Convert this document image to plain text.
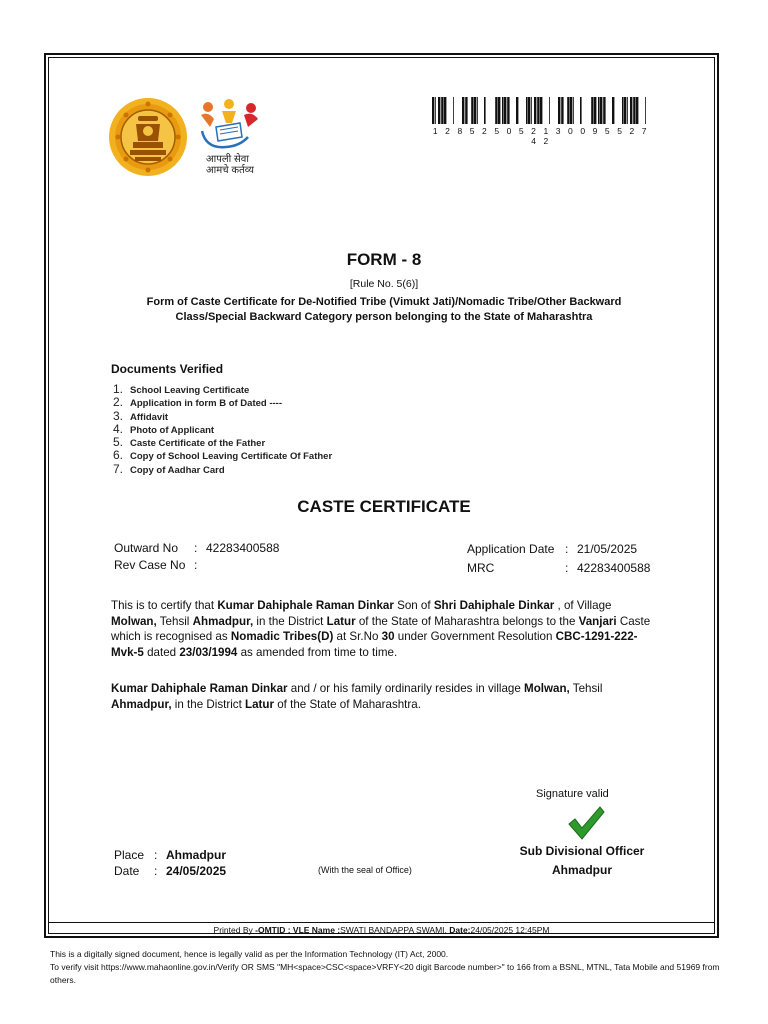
आपली सेवा
आमचे कर्तव्य
1 2 8 5 2 5 0 5 2 1 3 0 0 9 5 5 2 7 4 2
FORM - 8
[Rule No. 5(6)]
Form of Caste Certificate for De-Notified Tribe (Vimukt Jati)/Nomadic Tribe/Other Backward Class/Special Backward Category person belonging to the State of Maharashtra
Documents Verified
1. School Leaving Certificate
2. Application in form B of Dated ----
3. Affidavit
4. Photo of Applicant
5. Caste Certificate of the Father
6. Copy of School Leaving Certificate Of Father
7. Copy of Aadhar Card
CASTE CERTIFICATE
Outward No : 42283400588
Rev Case No :
Application Date : 21/05/2025
MRC	: 42283400588
This is to certify that Kumar Dahiphale Raman Dinkar Son of Shri Dahiphale Dinkar , of Village Molwan, Tehsil Ahmadpur, in the District Latur of the State of Maharashtra belongs to the Vanjari Caste which is recognised as Nomadic Tribes(D) at Sr.No 30 under Government Resolution CBC-1291-222-Mvk-5 dated 23/03/1994 as amended from time to time.
Kumar Dahiphale Raman Dinkar and / or his family ordinarily resides in village Molwan, Tehsil Ahmadpur, in the District Latur of the State of Maharashtra.
Signature valid
Sub Divisional Officer
Ahmadpur
Place : Ahmadpur
Date : 24/05/2025	(With the seal of Office)
Printed By -OMTID : VLE Name :SWATI BANDAPPA SWAMI, Date:24/05/2025 12:45PM
This is a digitally signed document, hence is legally valid as per the Information Technology (IT) Act, 2000.
To verify visit https://www.mahaonline.gov.in/Verify OR SMS "MH<space>CSC<space>VRFY<20 digit Barcode number>" to 166 from a BSNL, MTNL, Tata Mobile and 51969 from others.
